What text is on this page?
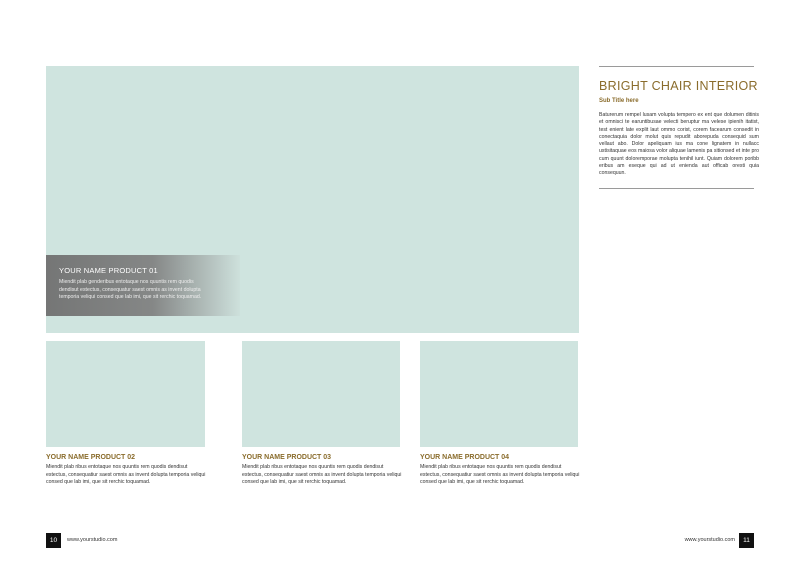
YOUR NAME PRODUCT 01
Miendit plab genderibus entotaque nos quuntis rem quodis dendisut estectus, consequatur saest omnis as invent dolupta temporia veliqui consed que lab imi, que sit rerchic toquamad.
BRIGHT CHAIR INTERIOR
Sub Title here
Baturerum rempel lusam volupta tempero ex ent que dolumen ditinis et omnisci te earuntibusae velecti beruptur ma velese ipienih itatist, test enient late explit laut ommo corist, corem facearum consedit in conectaquia dolor molut quis repudit aborepuda consequid sum vellaut abo. Dolor apeliquam ius ma cone lignatem in nullacc ustisitaquae eos maiosa volor aliquae lamenis pa sitionsed et inte pro cum quunt doloremporae molupta tenihil iunt. Quiam dolorem poribb eribus am eseque qui ad ut enienda aut officab oresti quia consequun.
YOUR NAME PRODUCT 02
Miendit plab ribus entotaque nos quuntis rem quodis dendisut estectus, consequatiur saest omnis as invent dolupta temporia veliqui consed que lab imi, que sit rerchic toquamad.
YOUR NAME PRODUCT 03
Miendit plab ribus entotaque nos quuntis rem quodis dendisut estectus, consequatiur saest omnis as invent dolupta temporia veliqui consed que lab imi, que sit rerchic toquamad.
YOUR NAME PRODUCT 04
Miendit plab ribus entotaque nos quuntis rem quodis dendisut estectus, consequatiur saest omnis as invent dolupta temporia veliqui consed que lab imi, que sit rerchic toquamad.
10	www.yourstudio.com	www.yourstudio.com	11
